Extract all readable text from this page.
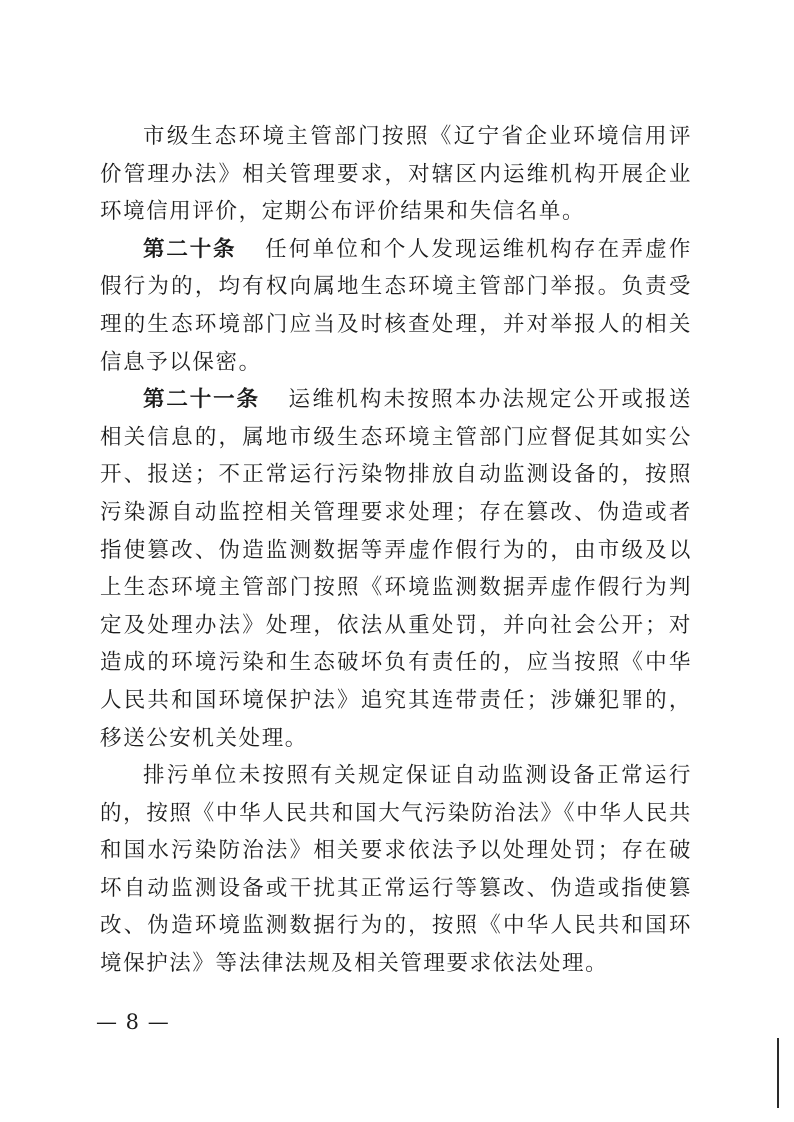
市级生态环境主管部门按照《辽宁省企业环境信用评价管理办法》相关管理要求，对辖区内运维机构开展企业环境信用评价，定期公布评价结果和失信名单。

第二十条 任何单位和个人发现运维机构存在弄虚作假行为的，均有权向属地生态环境主管部门举报。负责受理的生态环境部门应当及时核查处理，并对举报人的相关信息予以保密。

第二十一条 运维机构未按照本办法规定公开或报送相关信息的，属地市级生态环境主管部门应督促其如实公开、报送；不正常运行污染物排放自动监测设备的，按照污染源自动监控相关管理要求处理；存在篡改、伪造或者指使篡改、伪造监测数据等弄虚作假行为的，由市级及以上生态环境主管部门按照《环境监测数据弄虚作假行为判定及处理办法》处理，依法从重处罚，并向社会公开；对造成的环境污染和生态破坏负有责任的，应当按照《中华人民共和国环境保护法》追究其连带责任；涉嫌犯罪的，移送公安机关处理。

排污单位未按照有关规定保证自动监测设备正常运行的，按照《中华人民共和国大气污染防治法》《中华人民共和国水污染防治法》相关要求依法予以处理处罚；存在破坏自动监测设备或干扰其正常运行等篡改、伪造或指使篡改、伪造环境监测数据行为的，按照《中华人民共和国环境保护法》等法律法规及相关管理要求依法处理。

— 8 —
